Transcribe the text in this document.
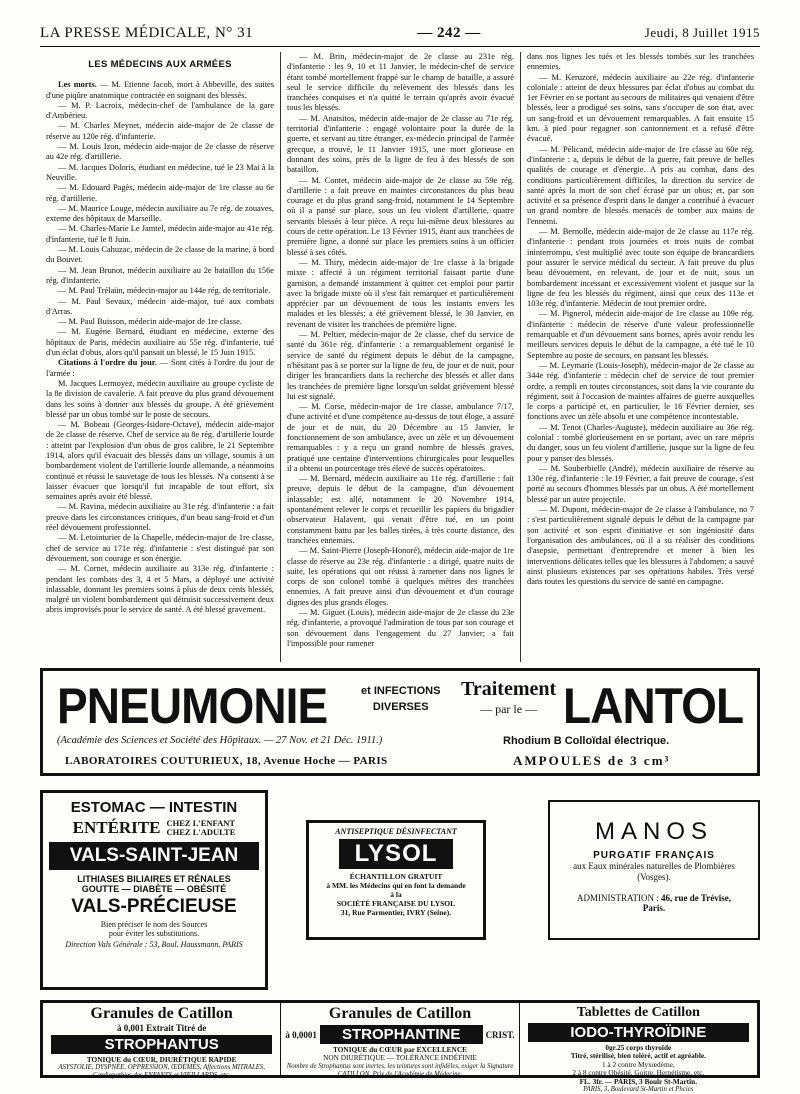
LA PRESSE MÉDICALE, N° 31	— 242 —	Jeudi, 8 Juillet 1915
LES MÉDECINS AUX ARMÉES

Les morts. — M. Etienne Jacob, mort à Abbeville, des suites d'une piqûre anatomique contractée en soignant des blessés.

— M. P. Lacroix, médecin-chef de l'ambulance de la gare d'Ambérieu.

— M. Charles Meynet, médecin aide-major de 2e classe de réserve au 120e rég. d'infanterie.

— M. Louis Izon, médecin aide-major de 2e classe de réserve au 42e rég. d'artillerie.

— M. Jacques Doloris, étudiant en médecine, tué le 23 Mai à la Neuville.

— M. Edouard Pagès, médecin aide-major de 1re classe au 6e rég. d'artillerie.

— M. Maurice Louge, médecin auxiliaire au 7e rég. de zouaves, externe des hôpitaux de Marseille.

— M. Charles-Marie Le Jamtel, médecin aide-major au 41e rég. d'infanterie, tué le 8 Juin.

— M. Louis Cahuzac, médecin de 2e classe de la marine, à bord du Bouvet.

— M. Jean Brunot, médecin auxiliaire au 2e bataillon du 156e rég. d'infanterie.

— M. Paul Trélaün, médecin-major au 144e rég. de territoriale.

— M. Paul Sevaux, médecin aide-major, tué aux combats d'Arras.

— M. Paul Buisson, médecin aide-major de 1re classe.

— M. Eugène Bernard, étudiant en médecine, externe des hôpitaux de Paris, médecin auxiliaire au 55e rég. d'infanterie, tué d'un éclat d'obus, alors qu'il pansait un blessé, le 15 Juin 1915.

Citations à l'ordre du jour. — Sont cités à l'ordre du jour de l'armée :

M. Jacques Lermoyez, médecin auxiliaire au groupe cycliste de la 8e division de cavalerie. A fait preuve du plus grand dévouement dans les soins à donner aux blessés du groupe. A été grièvement blessé par un obus tombé sur le poste de secours.

— M. Bobeau (Georges-Isidore-Octave), médecin aide-major de 2e classe de réserve. Chef de service au 8e rég. d'artillerie lourde : atteint par l'explosion d'un obus de gros calibre, le 21 Septembre 1914, alors qu'il évacuait des blessés dans un village, soumis à un bombardement violent de l'artillerie lourde allemande, a néanmoins continué et réussi le sauvetage de tous les blessés. N'a consenti à se laisser évacuer que lorsqu'il fut incapable de tout effort, six semaines après avoir été blessé.

— M. Ravina, médecin auxiliaire au 31e rég. d'infanterie : a fait preuve dans les circonstances critiques, d'un beau sang-froid et d'un réel dévouement professionnel.

— M. Letointurier de la Chapelle, médecin-major de 1re classe, chef de service au 171e rég. d'infanterie : s'est distingué par son dévouement, son courage et son énergie.

— M. Cornet, médecin auxiliaire au 313e rég. d'infanterie : pendant les combats des 3, 4 et 5 Mars, a déployé une activité inlassable, donnant les premiers soins à plus de deux cents blessés, malgré un violent bombardement qui détruisit successivement deux abris improvisés pour le service de santé. A été blessé gravement.

— M. Brin, médecin-major de 2e classe au 231e rég. d'infanterie : les 9, 10 et 11 Janvier, le médecin-chef de service étant tombé mortellement frappé sur le champ de bataille, a assuré seul le service difficile du relèvement des blessés dans les tranchées conquises et n'a quitté le terrain qu'après avoir évacué tous les blessés.

— M. Anatsitos, médecin aide-major de 2e classe au 71e rég. territorial d'infanterie : engagé volontaire pour la durée de la guerre, et servant au titre étranger, ex-médecin principal de l'armée grecque, a trouvé, le 11 Janvier 1915, une mort glorieuse en donnant des soins, près de la ligne de feu à des blessés de son bataillon.

— M. Contet, médecin aide-major de 2e classe au 59e rég. d'artillerie : a fait preuve en maintes circonstances du plus beau courage et du plus grand sang-froid, notamment le 14 Septembre où il a pansé sur place, sous un feu violent d'artillerie, quatre servants blessés à leur pièce. A reçu lui-même deux blessures au cours de cette opération. Le 13 Février 1915, étant aux tranchées de première ligne, a donné sur place les premiers soins à un officier blessé à ses côtés.

— M. Thiry, médecin aide-major de 1re classe à la brigade mixte : affecté à un régiment territorial faisant partie d'une garnison, a demandé instamment à quitter cet emploi pour partir avec la brigade mixte où il s'est fait remarquer et particulièrement apprécier par un dévouement de tous les instants envers les malades et les blessés; a été grièvement blessé, le 30 Janvier, en revenant de visiter les tranchées de première ligne.

— M. Peltier, médecin-major de 2e classe, chef du service de santé du 361e rég. d'infanterie : a remarquablement organisé le service de santé du régiment depuis le début de la campagne, n'hésitant pas à se porter sur la ligne de feu, de jour et de nuit, pour diriger les brancardiers dans la recherche des blessés et aller dans les tranchées de première ligne lorsqu'un soldat grièvement blessé lui est signalé.

— M. Corse, médecin-major de 1re classe, ambulance 7/17, d'une activité et d'une compétence au-dessus de tout éloge, a assuré de jour et de nuit, du 20 Décembre au 15 Janvier, le fonctionnement de son ambulance, avec un zèle et un dévouement remarquables : y a reçu un grand nombre de blessés graves, pratiqué une centaine d'interventions chirurgicales pour lesquelles il a obtenu un pourcentage très élevé de succès opératoires.

— M. Bernard, médecin auxiliaire au 11e rég. d'artillerie : fait preuve, depuis le début de la campagne, d'un dévouement inlassable; est allé, notamment le 20 Novembre 1914, spontanément relever le corps et recueillir les papiers du brigadier observateur Halavent, qui venait d'être tué, en un point constamment battu par les balles tirées, à très courte distance, des tranchées ennemies.

— M. Saint-Pierre (Joseph-Honoré), médecin aide-major de 1re classe de réserve au 23e rég. d'infanterie : a dirigé, quatre nuits de suite, les opérations qui ont réussi à ramener dans nos lignes le corps de son colonel tombé à quelques mètres des tranchées ennemies. A fait preuve ainsi d'un dévouement et d'un courage dignes des plus grands éloges.

— M. Giguet (Louis), médecin aide-major de 2e classe du 23e rég. d'infanterie, a provoqué l'admiration de tous par son courage et son dévouement dans l'engagement du 27 Janvier; a fait l'impossible pour ramener

dans nos lignes les tués et les blessés tombés sur les tranchées ennemies.

— M. Keruzoré, médecin auxiliaire au 22e rég. d'infanterie coloniale : atteint de deux blessures par éclat d'obus au combat du 1er Février en se portant au secours de militaires qui venaient d'être blessés, leur a prodigué ses soins, sans s'occuper de son état, avec un sang-froid et un dévouement remarquables. A fait ensuite 15 km. à pied pour regagner son cantonnement et a refusé d'être évacué.

— M. Pélicand, médecin aide-major de 1re classe au 60e rég. d'infanterie : a, depuis le début de la guerre, fait preuve de belles qualités de courage et d'énergie. A pris au combat, dans des conditions particulièrement difficiles, la direction du service de santé après la mort de son chef écrasé par un obus; et, par son activité et sa présence d'esprit dans le danger a contribué à évacuer un grand nombre de blessés menacés de tomber aux mains de l'ennemi.

— M. Bernolle, médecin aide-major de 2e classe au 117e rég. d'infanterie : pendant trois journées et trois nuits de combat ininterrompu, s'est multiplié avec toute son équipe de brancardiers pour assurer le service médical du secteur. A fait preuve du plus beau dévouement, en relevant, de jour et de nuit, sous un bombardement incessant et excessivement violent et jusque sur la ligne de feu les blessés du régiment, ainsi que ceux des 113e et 103e rég. d'infanterie. Médecin de tout premier ordre.

— M. Pignerol, médecin aide-major de 1re classe au 109e rég. d'infanterie : médecin de réserve d'une valeur professionnelle remarquable et d'un dévouement sans bornes, après avoir rendu les meilleurs services depuis le début de la campagne, a été tué le 10 Septembre au poste de secours, en pansant les blessés.

— M. Leymarie (Louis-Joseph), médecin-major de 2e classe au 344e rég. d'infanterie : médecin chef de service de tout premier ordre, a rempli en toutes circonstances, soit dans la vie courante du régiment, soit à l'occasion de maintes affaires de guerre auxquelles le corps a participé et, en particulier, le 16 Février dernier, ses fonctions avec un zèle absolu et une compétence incontestable.

— M. Tenot (Charles-Auguste), médecin auxiliaire au 36e rég. colonial : tombé glorieusement en se portant, avec un rare mépris du danger, sous un feu violent d'artillerie, jusque sur la ligne de feu pour y panser des blessés.

— M. Souberbielle (André), médecin auxiliaire de réserve au 130e rég. d'infanterie : le 19 Février, a fait preuve de courage, s'est porté au secours d'hommes blessés par un obus. A été mortellement blessé par un autre projectile.

— M. Dupont, médecin-major de 2e classe à l'ambulance, no 7 : s'est particulièrement signalé depuis le début de la campagne par son activité et son esprit d'initiative et son ingéniosité dans l'organisation des ambulances, où il a su réaliser des conditions d'asepsie, permettant d'entreprendre et mener à bien les interventions délicates telles que les blessures à l'abdomen; a sauvé ainsi plusieurs existences par ses opérations habiles. Très versé dans toutes les questions du service de santé en campagne.

PNEUMONIE	et INFECTIONS
DIVERSES
Traitement
— par le — LANTOL
(Académie des Sciences et Société des Hôpitaux. — 27 Nov. et 21 Déc. 1911.)	Rhodium B Colloïdal électrique.
LABORATOIRES COUTURIEUX, 18, Avenue Hoche — PARIS	AMPOULES de 3 cm³
ESTOMAC — INTESTIN
ENTÉRITE CHEZ L'ENFANT
CHEZ L'ADULTE
VALS-SAINT-JEAN
LITHIASES BILIAIRES ET RÉNALES
GOUTTE — DIABÈTE — OBÉSITÉ
VALS-PRÉCIEUSE
Bien préciser le nom des Sources
pour éviter les substitutions.
Direction Vals Générale : 53, Boul. Haussmann, PARIS
ANTISEPTIQUE DÉSINFECTANT
LYSOL
ÉCHANTILLON GRATUIT
à MM. les Médecins qui en font la demande
à la
SOCIÉTÉ FRANÇAISE DU LYSOL
31, Rue Parmentier, IVRY (Seine).
MANOS
PURGATIF FRANÇAIS
aux Eaux minérales naturelles de Plombières
(Vosges).
ADMINISTRATION : 46, rue de Trévise,
Paris.
Granules de Catillon
à 0,001 Extrait Titré de
STROPHANTUS
TONIQUE du CŒUR, DIURÉTIQUE RAPIDE
ASYSTOLIE, DYSPNÉE, OPPRESSION, ŒDÈMES, Affections MITRALES, Cardiopathies des ENFANTS et VIEILLARDS, etc.
Granules de Catillon
à 0,0001	STROPHANTINE	CRIST.
TONIQUE du CŒUR par EXCELLENCE
NON DIURÉTIQUE — TOLÉRANCE INDÉFINIE
Nombre de Strophantus sont inertes, les teintures sont infidèles, exiger la Signature CATILLON, Prix de l'Académie de Médecine.
Tablettes de Catillon
IODO-THYROÏDINE
0gr.25 corps thyroïde
Titré, stérilisé, bien toléré, actif et agréable.
1 à 2 contre Myxœdème,
2 à 8 contre Obésité, Goitre, Herpétisme, etc.
FL. 3fr. — PARIS, 3 Boulr St-Martin.
PARIS, 3, Boulevard St-Martin et Phcies
